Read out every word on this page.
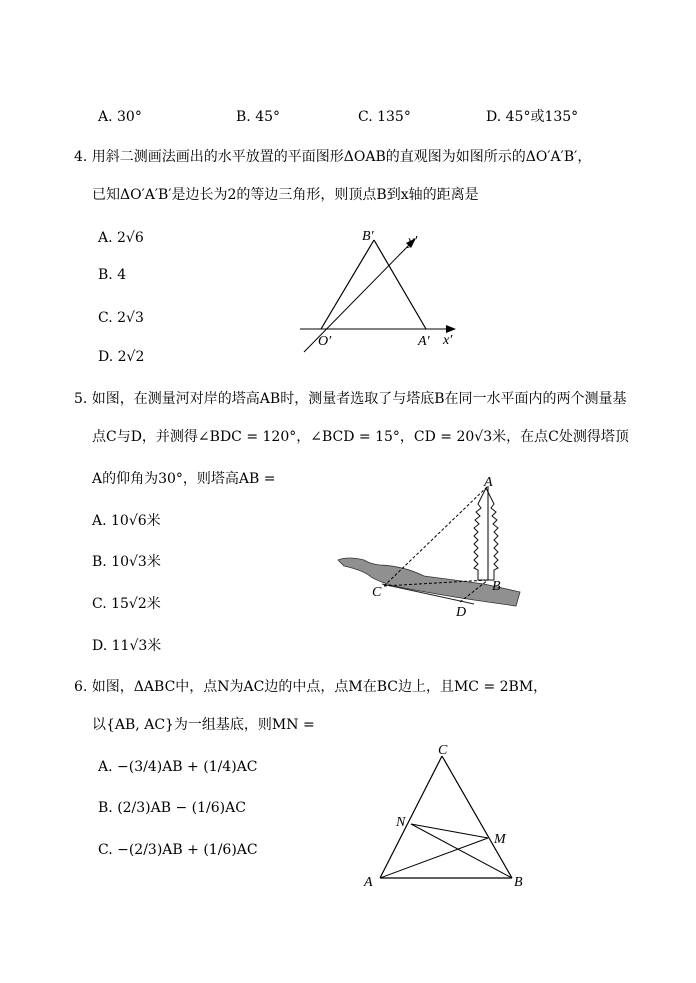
A. 30°	B. 45°	C. 135°	D. 45°或135°
4. 用斜二测画法画出的水平放置的平面图形ΔOAB的直观图为如图所示的ΔO′A′B′，
已知ΔO′A′B′是边长为2的等边三角形，则顶点B到x轴的距离是
A. 2√6
B. 4
C. 2√3
D. 2√2
B′ y′
O′	A′ x′
5. 如图，在测量河对岸的塔高AB时，测量者选取了与塔底B在同一水平面内的两个测量基
点C与D，并测得∠BDC = 120°，∠BCD = 15°，CD = 20√3米，在点C处测得塔顶
A的仰角为30°，则塔高AB =
A. 10√6米
B. 10√3米
C. 15√2米
D. 11√3米
A
B
C
D
6. 如图，ΔABC中，点N为AC边的中点，点M在BC边上，且MC = 2BM，
以{AB, AC}为一组基底，则MN =
A. −(3/4)AB + (1/4)AC
B. (2/3)AB − (1/6)AC
C. −(2/3)AB + (1/6)AC
C
N
M
A	B
